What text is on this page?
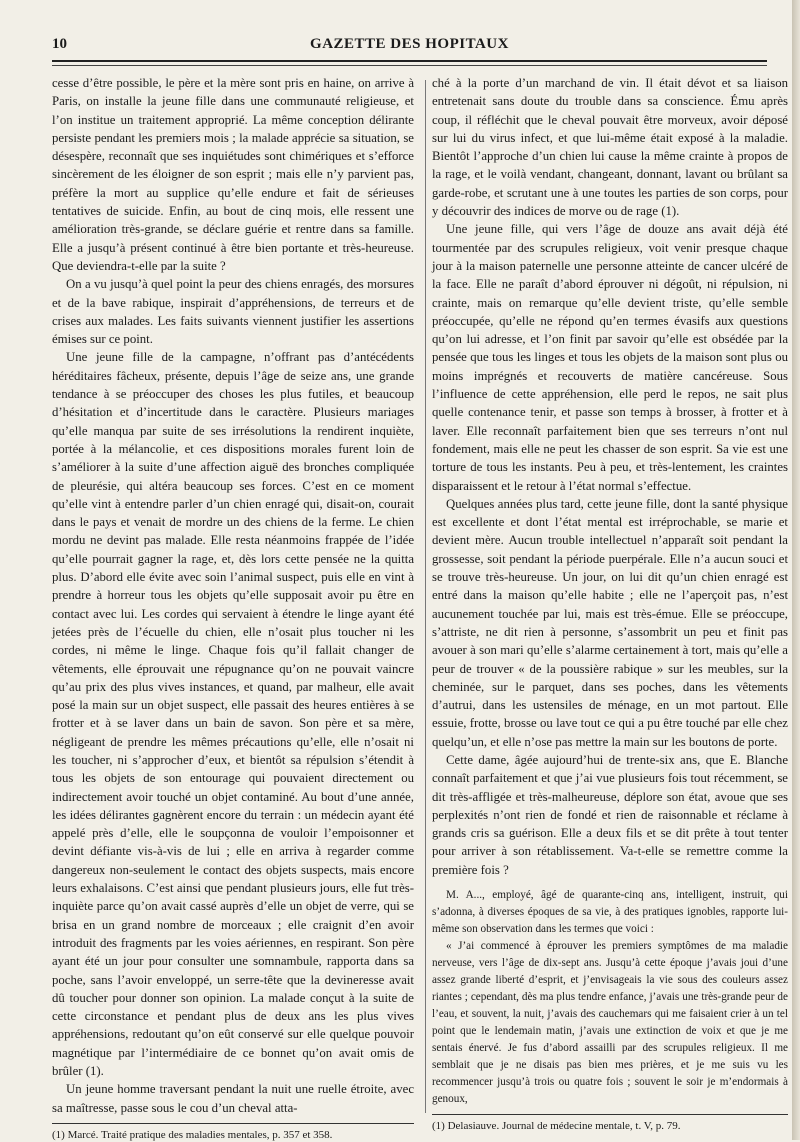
10	GAZETTE DES HOPITAUX

cesse d’être possible, le père et la mère sont pris en haine, on arrive à Paris, on installe la jeune fille dans une communauté religieuse, et l’on institue un traitement approprié. La même conception délirante persiste pendant les premiers mois ; la malade apprécie sa situation, se désespère, reconnaît que ses inquiétudes sont chimériques et s’efforce sincèrement de les éloigner de son esprit ; mais elle n’y parvient pas, préfère la mort au supplice qu’elle endure et fait de sérieuses tentatives de suicide. Enfin, au bout de cinq mois, elle ressent une amélioration très-grande, se déclare guérie et rentre dans sa famille. Elle a jusqu’à présent continué à être bien portante et très-heureuse. Que deviendra-t-elle par la suite ?

On a vu jusqu’à quel point la peur des chiens enragés, des morsures et de la bave rabique, inspirait d’appréhensions, de terreurs et de crises aux malades. Les faits suivants viennent justifier les assertions émises sur ce point.

Une jeune fille de la campagne, n’offrant pas d’antécédents héréditaires fâcheux, présente, depuis l’âge de seize ans, une grande tendance à se préoccuper des choses les plus futiles, et beaucoup d’hésitation et d’incertitude dans le caractère. Plusieurs mariages qu’elle manqua par suite de ses irrésolutions la rendirent inquiète, portée à la mélancolie, et ces dispositions morales furent loin de s’améliorer à la suite d’une affection aiguë des bronches compliquée de pleurésie, qui altéra beaucoup ses forces. C’est en ce moment qu’elle vint à entendre parler d’un chien enragé qui, disait-on, courait dans le pays et venait de mordre un des chiens de la ferme. Le chien mordu ne devint pas malade. Elle resta néanmoins frappée de l’idée qu’elle pourrait gagner la rage, et, dès lors cette pensée ne la quitta plus. D’abord elle évite avec soin l’animal suspect, puis elle en vint à prendre à horreur tous les objets qu’elle supposait avoir pu être en contact avec lui. Les cordes qui servaient à étendre le linge ayant été jetées près de l’écuelle du chien, elle n’osait plus toucher ni les cordes, ni même le linge. Chaque fois qu’il fallait changer de vêtements, elle éprouvait une répugnance qu’on ne pouvait vaincre qu’au prix des plus vives instances, et quand, par malheur, elle avait posé la main sur un objet suspect, elle passait des heures entières à se frotter et à se laver dans un bain de savon. Son père et sa mère, négligeant de prendre les mêmes précautions qu’elle, elle n’osait ni les toucher, ni s’approcher d’eux, et bientôt sa répulsion s’étendit à tous les objets de son entourage qui pouvaient directement ou indirectement avoir touché un objet contaminé. Au bout d’une année, les idées délirantes gagnèrent encore du terrain : un médecin ayant été appelé près d’elle, elle le soupçonna de vouloir l’empoisonner et devint défiante vis-à-vis de lui ; elle en arriva à regarder comme dangereux non-seulement le contact des objets suspects, mais encore leurs exhalaisons. C’est ainsi que pendant plusieurs jours, elle fut très-inquiète parce qu’on avait cassé auprès d’elle un objet de verre, qui se brisa en un grand nombre de morceaux ; elle craignit d’en avoir introduit des fragments par les voies aériennes, en respirant. Son père ayant été un jour pour consulter une somnambule, rapporta dans sa poche, sans l’avoir enveloppé, un serre-tête que la devineresse avait dû toucher pour donner son opinion. La malade conçut à la suite de cette circonstance et pendant plus de deux ans les plus vives appréhensions, redoutant qu’on eût conservé sur elle quelque pouvoir magnétique par l’intermédiaire de ce bonnet qu’on avait omis de brûler (1).

Un jeune homme traversant pendant la nuit une ruelle étroite, avec sa maîtresse, passe sous le cou d’un cheval atta-

(1) Marcé. Traité pratique des maladies mentales, p. 357 et 358.

ché à la porte d’un marchand de vin. Il était dévot et sa liaison entretenait sans doute du trouble dans sa conscience. Ému après coup, il réfléchit que le cheval pouvait être morveux, avoir déposé sur lui du virus infect, et que lui-même était exposé à la maladie. Bientôt l’approche d’un chien lui cause la même crainte à propos de la rage, et le voilà vendant, changeant, donnant, lavant ou brûlant sa garde-robe, et scrutant une à une toutes les parties de son corps, pour y découvrir des indices de morve ou de rage (1).

Une jeune fille, qui vers l’âge de douze ans avait déjà été tourmentée par des scrupules religieux, voit venir presque chaque jour à la maison paternelle une personne atteinte de cancer ulcéré de la face. Elle ne paraît d’abord éprouver ni dégoût, ni répulsion, ni crainte, mais on remarque qu’elle devient triste, qu’elle semble préoccupée, qu’elle ne répond qu’en termes évasifs aux questions qu’on lui adresse, et l’on finit par savoir qu’elle est obsédée par la pensée que tous les linges et tous les objets de la maison sont plus ou moins imprégnés et recouverts de matière cancéreuse. Sous l’influence de cette appréhension, elle perd le repos, ne sait plus quelle contenance tenir, et passe son temps à brosser, à frotter et à laver. Elle reconnaît parfaitement bien que ses terreurs n’ont nul fondement, mais elle ne peut les chasser de son esprit. Sa vie est une torture de tous les instants. Peu à peu, et très-lentement, les craintes disparaissent et le retour à l’état normal s’effectue.

Quelques années plus tard, cette jeune fille, dont la santé physique est excellente et dont l’état mental est irréprochable, se marie et devient mère. Aucun trouble intellectuel n’apparaît soit pendant la grossesse, soit pendant la période puerpérale. Elle n’a aucun souci et se trouve très-heureuse. Un jour, on lui dit qu’un chien enragé est entré dans la maison qu’elle habite ; elle ne l’aperçoit pas, n’est aucunement touchée par lui, mais est très-émue. Elle se préoccupe, s’attriste, ne dit rien à personne, s’assombrit un peu et finit pas avouer à son mari qu’elle s’alarme certainement à tort, mais qu’elle a peur de trouver « de la poussière rabique » sur les meubles, sur la cheminée, sur le parquet, dans ses poches, dans les vêtements d’autrui, dans les ustensiles de ménage, en un mot partout. Elle essuie, frotte, brosse ou lave tout ce qui a pu être touché par elle chez quelqu’un, et elle n’ose pas mettre la main sur les boutons de porte.

Cette dame, âgée aujourd’hui de trente-six ans, que E. Blanche connaît parfaitement et que j’ai vue plusieurs fois tout récemment, se dit très-affligée et très-malheureuse, déplore son état, avoue que ses perplexités n’ont rien de fondé et rien de raisonnable et réclame à grands cris sa guérison. Elle a deux fils et se dit prête à tout tenter pour arriver à son rétablissement. Va-t-elle se remettre comme la première fois ?

M. A..., employé, âgé de quarante-cinq ans, intelligent, instruit, qui s’adonna, à diverses époques de sa vie, à des pratiques ignobles, rapporte lui-même son observation dans les termes que voici :

« J’ai commencé à éprouver les premiers symptômes de ma maladie nerveuse, vers l’âge de dix-sept ans. Jusqu’à cette époque j’avais joui d’une assez grande liberté d’esprit, et j’envisageais la vie sous des couleurs assez riantes ; cependant, dès ma plus tendre enfance, j’avais une très-grande peur de l’eau, et souvent, la nuit, j’avais des cauchemars qui me faisaient crier à un tel point que le lendemain matin, j’avais une extinction de voix et que je me sentais énervé. Je fus d’abord assailli par des scrupules religieux. Il me semblait que je ne disais pas bien mes prières, et je me suis vu les recommencer jusqu’à trois ou quatre fois ; souvent le soir je m’endormais à genoux,

(1) Delasiauve. Journal de médecine mentale, t. V, p. 79.
